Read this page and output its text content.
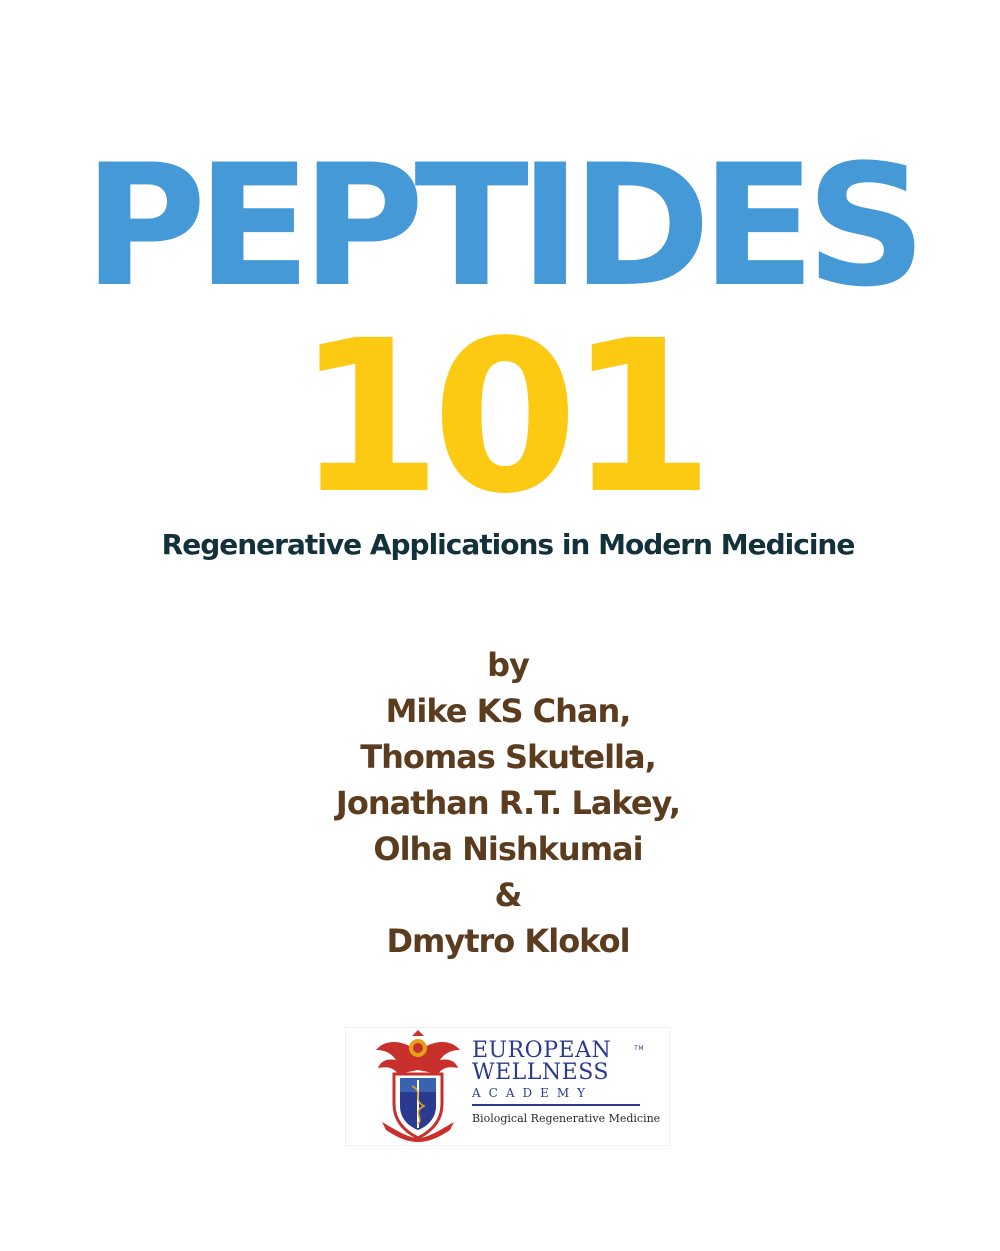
PEPTIDES
101
Regenerative Applications in Modern Medicine
by
Mike KS Chan,
Thomas Skutella,
Jonathan R.T. Lakey,
Olha Nishkumai
&
Dmytro Klokol
EUROPEAN	TM
WELLNESS
ACADEMY
Biological Regenerative Medicine
